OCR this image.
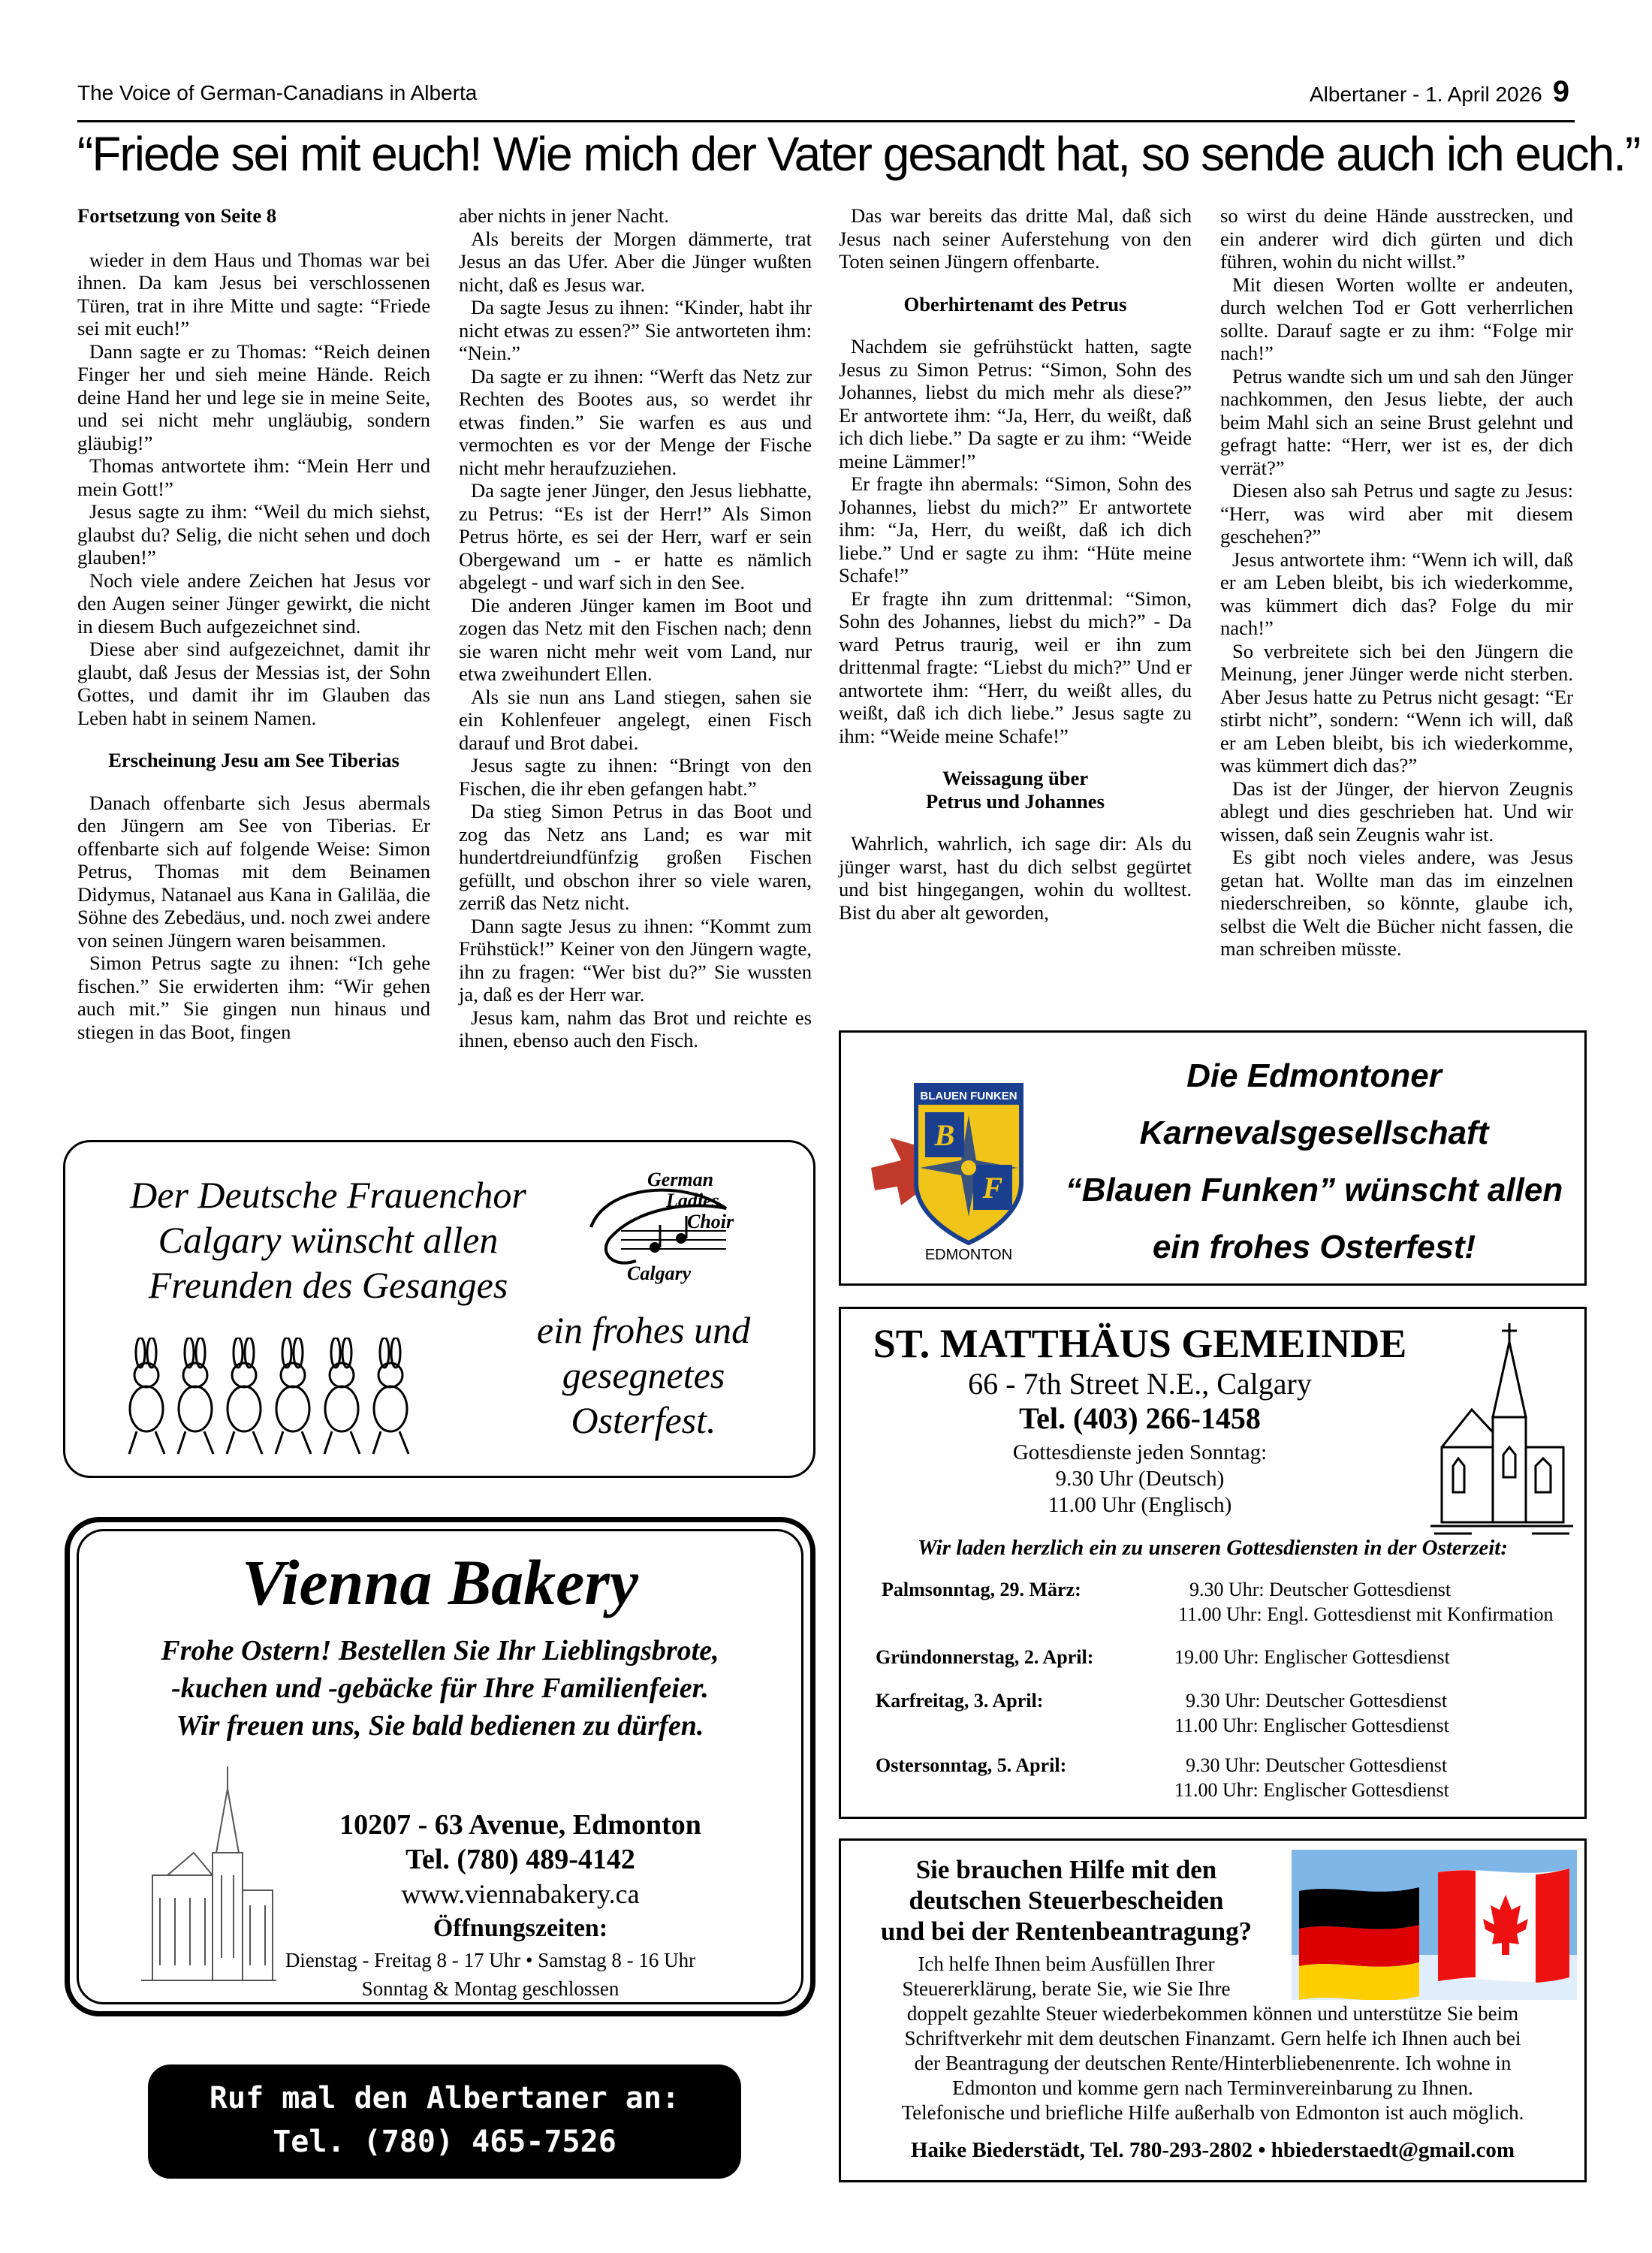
The Voice of German-Canadians in Alberta	Albertaner - 1. April 2026 9
“Friede sei mit euch! Wie mich der Vater gesandt hat, so sende auch ich euch.”

Fortsetzung von Seite 8

wieder in dem Haus und Thomas war bei ihnen. Da kam Jesus bei verschlossenen Türen, trat in ihre Mitte und sagte: “Friede sei mit euch!”

Dann sagte er zu Thomas: “Reich deinen Finger her und sieh meine Hände. Reich deine Hand her und lege sie in meine Seite, und sei nicht mehr ungläubig, sondern gläubig!”

Thomas antwortete ihm: “Mein Herr und mein Gott!”

Jesus sagte zu ihm: “Weil du mich siehst, glaubst du? Selig, die nicht sehen und doch glauben!”

Noch viele andere Zeichen hat Jesus vor den Augen seiner Jünger gewirkt, die nicht in diesem Buch aufgezeichnet sind.

Diese aber sind aufgezeichnet, damit ihr glaubt, daß Jesus der Messias ist, der Sohn Gottes, und damit ihr im Glauben das Leben habt in seinem Namen.

Erscheinung Jesu am See Tiberias

Danach offenbarte sich Jesus abermals den Jüngern am See von Tiberias. Er offenbarte sich auf folgende Weise: Simon Petrus, Thomas mit dem Beinamen Didymus, Natanael aus Kana in Galiläa, die Söhne des Zebedäus, und. noch zwei andere von seinen Jüngern waren beisammen.

Simon Petrus sagte zu ihnen: “Ich gehe fischen.” Sie erwiderten ihm: “Wir gehen auch mit.” Sie gingen nun hinaus und stiegen in das Boot, fingen

aber nichts in jener Nacht.

Als bereits der Morgen dämmerte, trat Jesus an das Ufer. Aber die Jünger wußten nicht, daß es Jesus war.

Da sagte Jesus zu ihnen: “Kinder, habt ihr nicht etwas zu essen?” Sie antworteten ihm: “Nein.”

Da sagte er zu ihnen: “Werft das Netz zur Rechten des Bootes aus, so werdet ihr etwas finden.” Sie warfen es aus und vermochten es vor der Menge der Fische nicht mehr heraufzuziehen.

Da sagte jener Jünger, den Jesus liebhatte, zu Petrus: “Es ist der Herr!” Als Simon Petrus hörte, es sei der Herr, warf er sein Obergewand um - er hatte es nämlich abgelegt - und warf sich in den See.

Die anderen Jünger kamen im Boot und zogen das Netz mit den Fischen nach; denn sie waren nicht mehr weit vom Land, nur etwa zweihundert Ellen.

Als sie nun ans Land stiegen, sahen sie ein Kohlenfeuer angelegt, einen Fisch darauf und Brot dabei.

Jesus sagte zu ihnen: “Bringt von den Fischen, die ihr eben gefangen habt.”

Da stieg Simon Petrus in das Boot und zog das Netz ans Land; es war mit hundertdreiundfünfzig großen Fischen gefüllt, und obschon ihrer so viele waren, zerriß das Netz nicht.

Dann sagte Jesus zu ihnen: “Kommt zum Frühstück!” Keiner von den Jüngern wagte, ihn zu fragen: “Wer bist du?” Sie wussten ja, daß es der Herr war.

Jesus kam, nahm das Brot und reichte es ihnen, ebenso auch den Fisch.

Das war bereits das dritte Mal, daß sich Jesus nach seiner Auferstehung von den Toten seinen Jüngern offenbarte.

Oberhirtenamt des Petrus

Nachdem sie gefrühstückt hatten, sagte Jesus zu Simon Petrus: “Simon, Sohn des Johannes, liebst du mich mehr als diese?” Er antwortete ihm: “Ja, Herr, du weißt, daß ich dich liebe.” Da sagte er zu ihm: “Weide meine Lämmer!”

Er fragte ihn abermals: “Simon, Sohn des Johannes, liebst du mich?” Er antwortete ihm: “Ja, Herr, du weißt, daß ich dich liebe.” Und er sagte zu ihm: “Hüte meine Schafe!”

Er fragte ihn zum drittenmal: “Simon, Sohn des Johannes, liebst du mich?” - Da ward Petrus traurig, weil er ihn zum drittenmal fragte: “Liebst du mich?” Und er antwortete ihm: “Herr, du weißt alles, du weißt, daß ich dich liebe.” Jesus sagte zu ihm: “Weide meine Schafe!”

Weissagung über

Petrus und Johannes

Wahrlich, wahrlich, ich sage dir: Als du jünger warst, hast du dich selbst gegürtet und bist hingegangen, wohin du wolltest. Bist du aber alt geworden,

so wirst du deine Hände ausstrecken, und ein anderer wird dich gürten und dich führen, wohin du nicht willst.”

Mit diesen Worten wollte er andeuten, durch welchen Tod er Gott verherrlichen sollte. Darauf sagte er zu ihm: “Folge mir nach!”

Petrus wandte sich um und sah den Jünger nachkommen, den Jesus liebte, der auch beim Mahl sich an seine Brust gelehnt und gefragt hatte: “Herr, wer ist es, der dich verrät?”

Diesen also sah Petrus und sagte zu Jesus: “Herr, was wird aber mit diesem geschehen?”

Jesus antwortete ihm: “Wenn ich will, daß er am Leben bleibt, bis ich wiederkomme, was kümmert dich das? Folge du mir nach!”

So verbreitete sich bei den Jüngern die Meinung, jener Jünger werde nicht sterben. Aber Jesus hatte zu Petrus nicht gesagt: “Er stirbt nicht”, sondern: “Wenn ich will, daß er am Leben bleibt, bis ich wiederkomme, was kümmert dich das?”

Das ist der Jünger, der hiervon Zeugnis ablegt und dies geschrieben hat. Und wir wissen, daß sein Zeugnis wahr ist.

Es gibt noch vieles andere, was Jesus getan hat. Wollte man das im einzelnen niederschreiben, so könnte, glaube ich, selbst die Welt die Bücher nicht fassen, die man schreiben müsste.

Der Deutsche Frauenchor
Calgary wünscht allen
Freunden des Gesanges
ein frohes und
gesegnetes
Osterfest.
German
Ladies
Choir
Calgary
Vienna Bakery
Frohe Ostern! Bestellen Sie Ihr Lieblingsbrote,
-kuchen und -gebäcke für Ihre Familienfeier.
Wir freuen uns, Sie bald bedienen zu dürfen.
10207 - 63 Avenue, Edmonton
Tel. (780) 489-4142
www.viennabakery.ca
Öffnungszeiten:
Dienstag - Freitag 8 - 17 Uhr • Samstag 8 - 16 Uhr
Sonntag & Montag geschlossen
Ruf mal den Albertaner an:
Tel. (780) 465-7526
BLAUEN FUNKEN
B
F
EDMONTON
Die Edmontoner
Karnevalsgesellschaft
“Blauen Funken” wünscht allen
ein frohes Osterfest!
ST. MATTHÄUS GEMEINDE
66 - 7th Street N.E., Calgary
Tel. (403) 266-1458
Gottesdienste jeden Sonntag:
9.30 Uhr (Deutsch)
11.00 Uhr (Englisch)
Wir laden herzlich ein zu unseren Gottesdiensten in der Osterzeit:
Palmsonntag, 29. März:	9.30 Uhr: Deutscher Gottesdienst
11.00 Uhr: Engl. Gottesdienst mit Konfirmation
Gründonnerstag, 2. April:	19.00 Uhr: Englischer Gottesdienst
Karfreitag, 3. April:	9.30 Uhr: Deutscher Gottesdienst
11.00 Uhr: Englischer Gottesdienst
Ostersonntag, 5. April:	9.30 Uhr: Deutscher Gottesdienst
11.00 Uhr: Englischer Gottesdienst
Sie brauchen Hilfe mit den
deutschen Steuerbescheiden
und bei der Rentenbeantragung?
Ich helfe Ihnen beim Ausfüllen Ihrer
Steuererklärung, berate Sie, wie Sie Ihre
doppelt gezahlte Steuer wiederbekommen können und unterstütze Sie beim
Schriftverkehr mit dem deutschen Finanzamt. Gern helfe ich Ihnen auch bei
der Beantragung der deutschen Rente/Hinterbliebenenrente. Ich wohne in
Edmonton und komme gern nach Terminvereinbarung zu Ihnen.
Telefonische und briefliche Hilfe außerhalb von Edmonton ist auch möglich.
Haike Biederstädt, Tel. 780-293-2802 • hbiederstaedt@gmail.com
